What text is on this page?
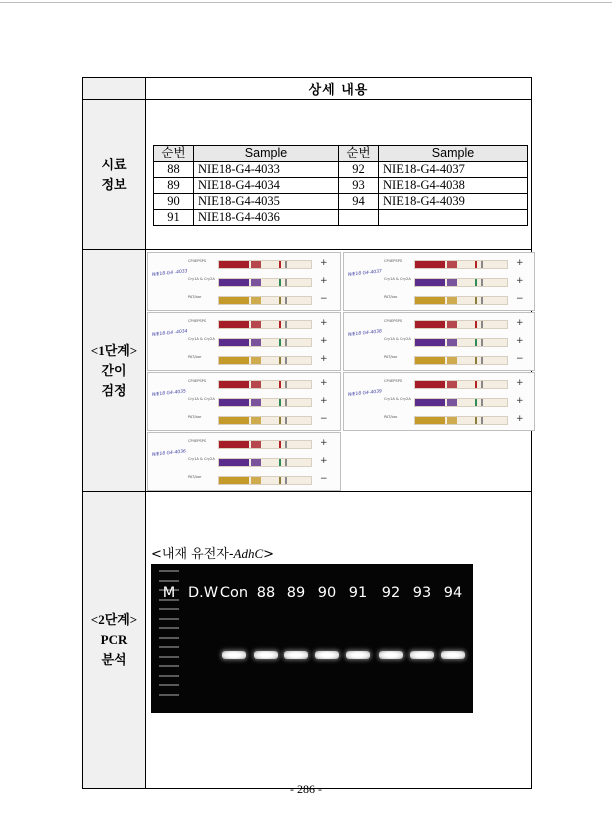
	상세 내용

시료
정보

순번	Sample	순번	Sample
88	NIE18-G4-4033	92	NIE18-G4-4037
89	NIE18-G4-4034	93	NIE18-G4-4038
90	NIE18-G4-4035	94	NIE18-G4-4039
91	NIE18-G4-4036		

<1단계>
간이
검정

NIE18-G4 -4033
CP4EPSPS	+
Cry1A & Cry2A	+
PAT/bar	−
NIE18 G4-4037
CP4EPSPS	+
Cry1A & Cry2A	+
PAT/bar	−
NIE18-G4 -4034
CP4EPSPS	+
Cry1A & Cry2A	+
PAT/bar	+
NIE18 G4-4038
CP4EPSPS	+
Cry1A & Cry2A	+
PAT/bar	−
NIE18 G4-4035
CP4EPSPS	+
Cry1A & Cry2A	+
PAT/bar	−
NIE18 G4-4039
CP4EPSPS	+
Cry1A & Cry2A	+
PAT/bar	+
NIE18 G4-4036
CP4EPSPS	+
Cry1A & Cry2A	+
PAT/bar	−

<2단계>
PCR
분석

<내재 유전자-AdhC>
M D.W Con 88 89 90 91 92 93 94
- 286 -
